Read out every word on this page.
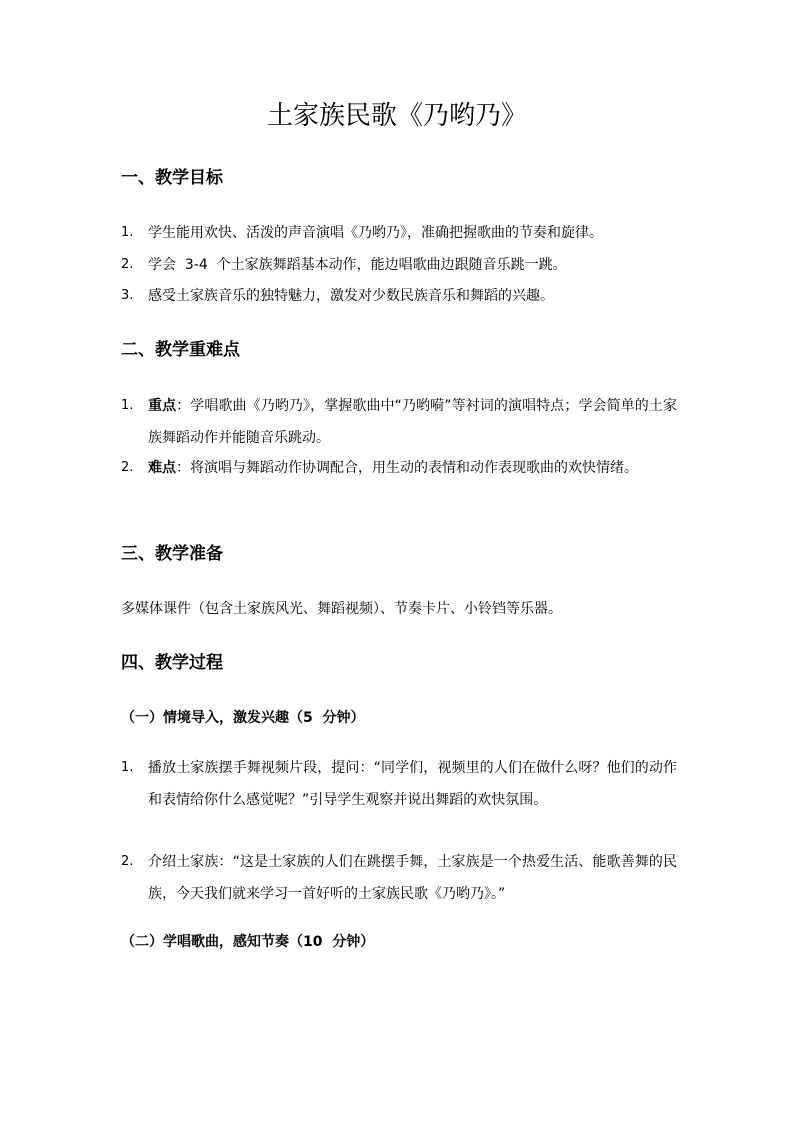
土家族民歌《乃哟乃》
一、教学目标
1. 学生能用欢快、活泼的声音演唱《乃哟乃》，准确把握歌曲的节奏和旋律。
2. 学会  3-4  个土家族舞蹈基本动作，能边唱歌曲边跟随音乐跳一跳。
3. 感受土家族音乐的独特魅力，激发对少数民族音乐和舞蹈的兴趣。
二、教学重难点
1. 重点：学唱歌曲《乃哟乃》，掌握歌曲中“乃哟嗬”等衬词的演唱特点；学会简单的土家族舞蹈动作并能随音乐跳动。
2. 难点：将演唱与舞蹈动作协调配合，用生动的表情和动作表现歌曲的欢快情绪。
三、教学准备

多媒体课件（包含土家族风光、舞蹈视频）、节奏卡片、小铃铛等乐器。

四、教学过程
（一）情境导入，激发兴趣（5  分钟）
1. 播放土家族摆手舞视频片段，提问：“同学们，视频里的人们在做什么呀？他们的动作和表情给你什么感觉呢？”引导学生观察并说出舞蹈的欢快氛围。
2. 介绍土家族：“这是土家族的人们在跳摆手舞，土家族是一个热爱生活、能歌善舞的民族，今天我们就来学习一首好听的土家族民歌《乃哟乃》。”
（二）学唱歌曲，感知节奏（10  分钟）
